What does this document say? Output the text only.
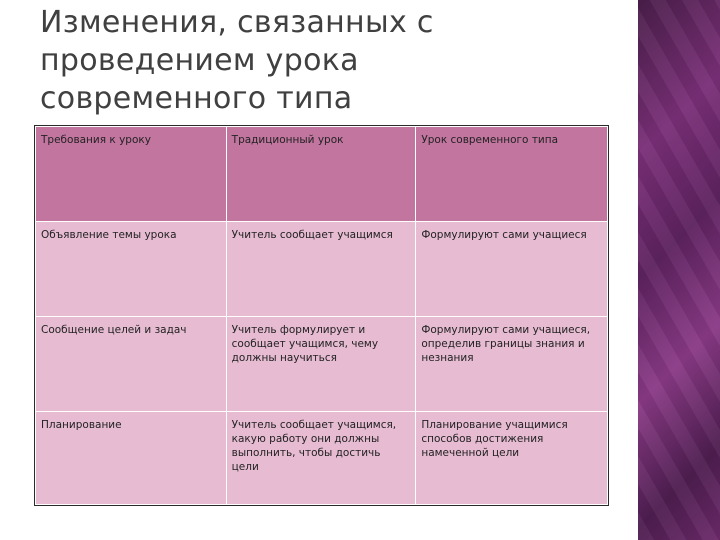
Изменения, связанных с
проведением урока
современного типа
Требования к уроку	Традиционный урок	Урок современного типа
Объявление темы урока	Учитель сообщает учащимся	Формулируют сами учащиеся
Сообщение целей и задач	Учитель формулирует и сообщает учащимся, чему должны научиться	Формулируют сами учащиеся, определив границы знания и незнания
Планирование	Учитель сообщает учащимся, какую работу они должны выполнить, чтобы достичь цели	Планирование учащимися способов достижения намеченной цели
